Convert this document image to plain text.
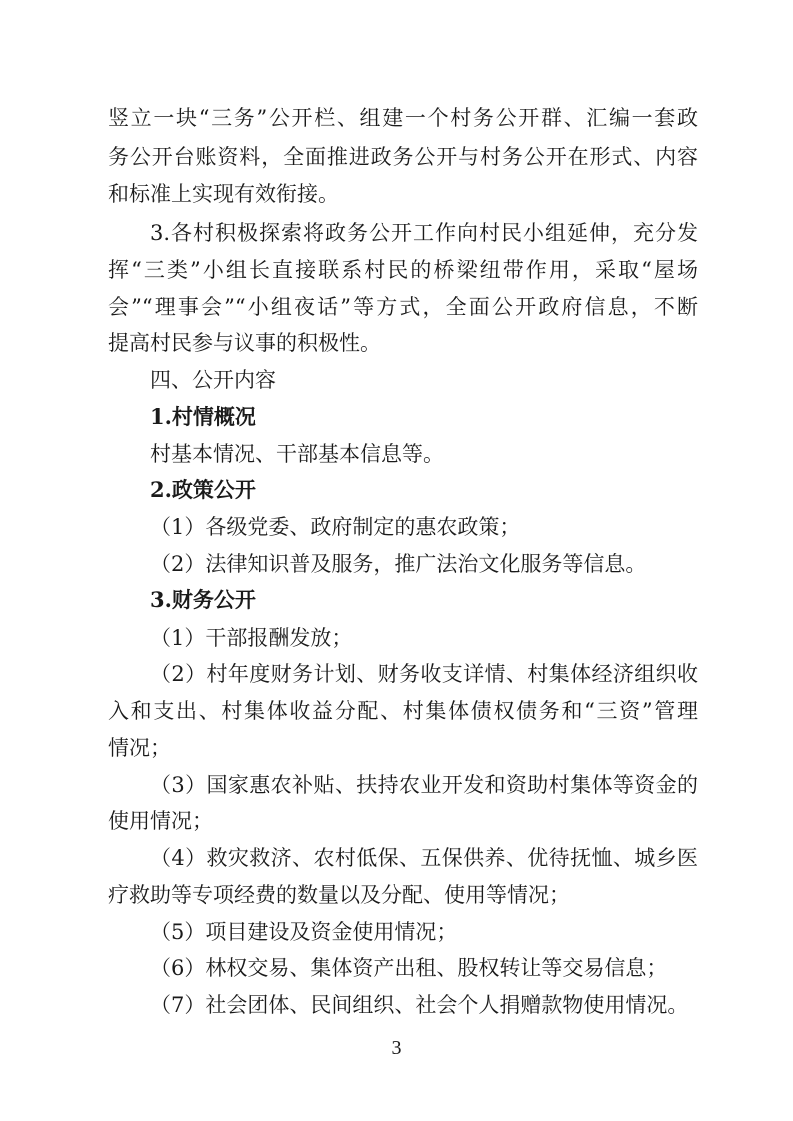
竖立一块“三务”公开栏、组建一个村务公开群、汇编一套政
务公开台账资料，全面推进政务公开与村务公开在形式、内容
和标准上实现有效衔接。
3.各村积极探索将政务公开工作向村民小组延伸，充分发
挥“三类”小组长直接联系村民的桥梁纽带作用，采取“屋场
会”“理事会”“小组夜话”等方式，全面公开政府信息，不断
提高村民参与议事的积极性。
四、公开内容
1.村情概况
村基本情况、干部基本信息等。
2.政策公开
（1）各级党委、政府制定的惠农政策；
（2）法律知识普及服务，推广法治文化服务等信息。
3.财务公开
（1）干部报酬发放；
（2）村年度财务计划、财务收支详情、村集体经济组织收
入和支出、村集体收益分配、村集体债权债务和“三资”管理
情况；
（3）国家惠农补贴、扶持农业开发和资助村集体等资金的
使用情况；
（4）救灾救济、农村低保、五保供养、优待抚恤、城乡医
疗救助等专项经费的数量以及分配、使用等情况；
（5）项目建设及资金使用情况；
（6）林权交易、集体资产出租、股权转让等交易信息；
（7）社会团体、民间组织、社会个人捐赠款物使用情况。
3
